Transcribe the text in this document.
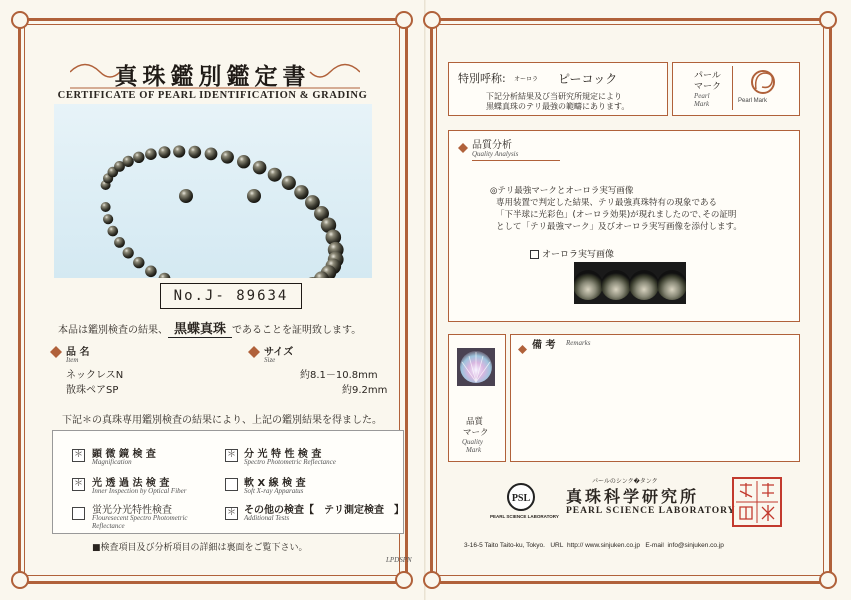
真珠鑑別鑑定書
CERTIFICATE OF PEARL IDENTIFICATION & GRADING
No.J- 89634
本品は鑑別検査の結果、 黒蝶真珠 であることを証明致します。
品 名
Item
サイズ
Size
ネックレスN	約8.1－10.8mm
散珠ペアSP	約9.2mm
下記＊の真珠専用鑑別検査の結果により、上記の鑑別結果を得ました。
＊ 顕 微 鏡 検 査
Magnification
＊ 分 光 特 性 検 査
Spectro Photometric Reflectance
＊ 光 透 過 法 検 査
Inner Inspection by Optical Fiber
軟 X 線 検 査
Soft X-ray Apparatus
蛍光分光特性検査
Flouresecent Spectro Photometric Reflectance
＊ その他の検査【　テリ測定検査　】
Additional Tests
■検査項目及び分析項目の詳細は裏面をご覧下さい。
LPDSPN
特別呼称: オーロラ ピーコック
下記分析結果及び当研究所規定により
黒蝶真珠のテリ最強の範疇にあります。
パール
マーク
Pearl
Mark	Pearl Mark
品質分析
Quality Analysis
◎テリ最強マークとオーロラ実写画像
専用装置で判定した結果、テリ最強真珠特有の現象である
「下半球に光彩色」(オーロラ効果)が現れましたので､その証明
として「テリ最強マーク」及びオーロラ実写画像を添付します。
オーロラ実写画像
品質
マーク
Quality
Mark
備 考 Remarks
PSL
PEARL SCIENCE LABORATORY
パールのシンク�タンク
真珠科学研究所
PEARL SCIENCE LABORATORY
3-16-5 Taito Taito-ku, Tokyo. URL http:// www.sinjuken.co.jp E-mail info@sinjuken.co.jp
